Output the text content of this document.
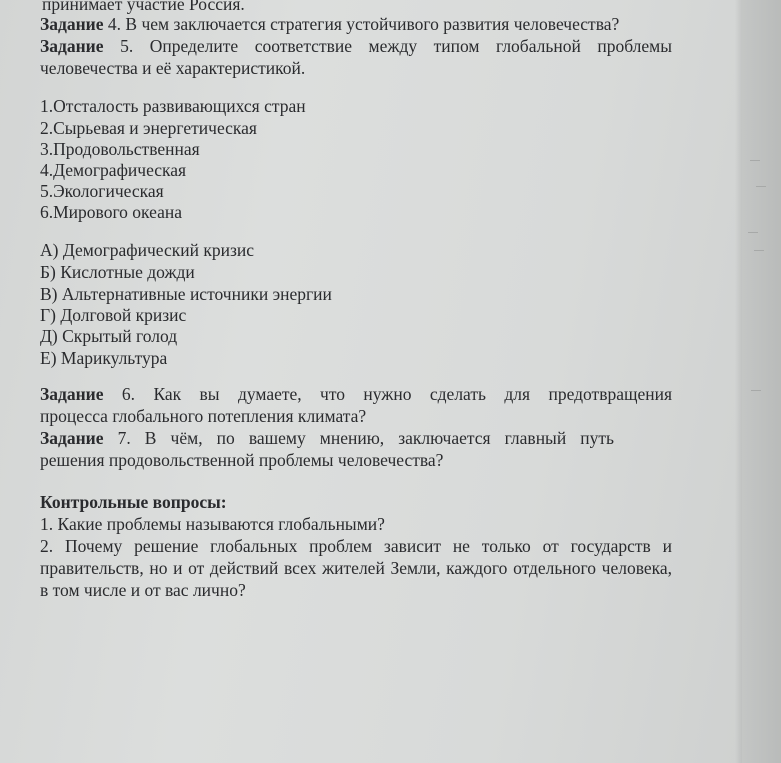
принимает участие Россия.
Задание 4. В чем заключается стратегия устойчивого развития человечества?
Задание 5. Определите соответствие между типом глобальной проблемы
человечества и её характеристикой.
1.Отсталость развивающихся стран
2.Сырьевая и энергетическая
3.Продовольственная
4.Демографическая
5.Экологическая
6.Мирового океана
А) Демографический кризис
Б) Кислотные дожди
В) Альтернативные источники энергии
Г) Долговой кризис
Д) Скрытый голод
Е) Марикультура
Задание 6. Как вы думаете, что нужно сделать для предотвращения
процесса глобального потепления климата?
Задание 7. В чём, по вашему мнению, заключается главный путь
решения продовольственной проблемы человечества?
Контрольные вопросы:
1. Какие проблемы называются глобальными?
2. Почему решение глобальных проблем зависит не только от государств и
правительств, но и от действий всех жителей Земли, каждого отдельного человека,
в том числе и от вас лично?
